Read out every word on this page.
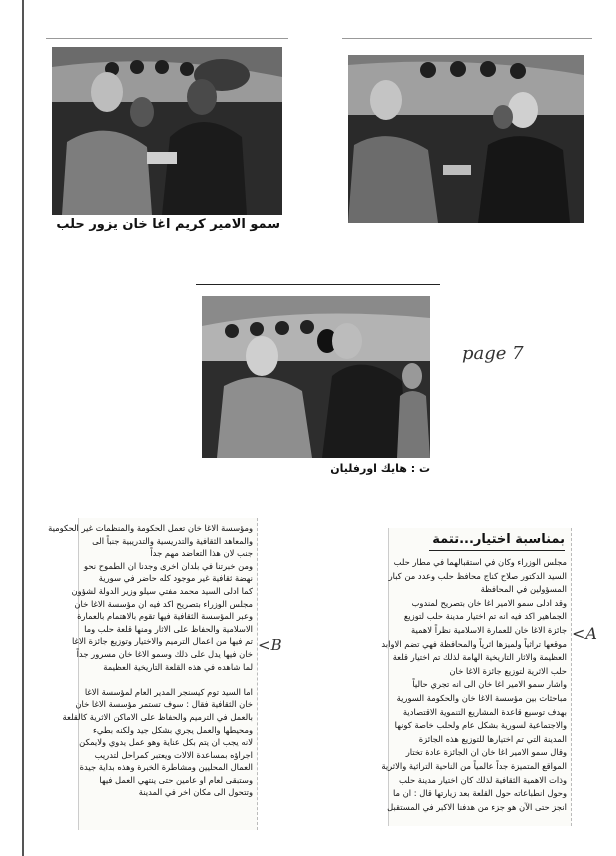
سمو الامير كريم اغا خان يزور حلب
ت : هايك اورفليان
page 7

ومؤسسة الاغا خان تعمل الحكومة والمنظمات غير الحكومية

والمعاهد الثقافية والتدريسية والتدريبية جنباً الى

جنب لان هذا التعاضد مهم جداً

ومن خبرتنا في بلدان اخرى وجدنا ان الطموح نحو

نهضة ثقافية غير موجود كله حاضر في سورية

كما ادلى السيد محمد مفتي سيلو وزير الدولة لشؤون

مجلس الوزراء بتصريح اكد فيه ان مؤسسة الاغا خان

وعبر المؤسسة الثقافية فيها تقوم بالاهتمام بالعمارة

الاسلامية والحفاظ على الاثار ومنها قلعة حلب وما

تم فيها من اعمال الترميم والاختيار وتوزيع جائزة الاغا

خان فيها يدل على ذلك وسمو الاغا خان مسرور جداً

لما شاهده في هذه القلعة التاريخية العظيمة

اما السيد توم كيسنجر المدير العام لمؤسسة الاغا

خان الثقافية فقال : سوف تستمر مؤسسة الاغا خان

بالعمل في الترميم والحفاظ على الاماكن الاثرية كالقلعة

ومحيطها والعمل يجري بشكل جيد ولكنه بطيء

لانه يجب ان يتم بكل عناية وهو عمل يدوي ولايمكن

اجراؤه بمساعدة الالات ويعتبر كمراحل لتدريب

العمال المحليين ومشاطرة الخبرة وهذه بداية جيدة

وستبقى لعام او عامين حتى ينتهي العمل فيها

وتتحول الى مكان اخر في المدينة

<B
بمناسبة اختيار...تتمة

مجلس الوزراء وكان في استقبالهما في مطار حلب

السيد الدكتور صلاح كناج محافظ حلب وعدد من كبار

المسؤولين في المحافظة

وقد ادلى سمو الامير اغا خان بتصريح لمندوب

الجماهير اكد فيه انه تم اختيار مدينة حلب لتوزيع

جائزة الاغا خان للعمارة الاسلامية نظراً لاهمية

موقعها تراثياً ولميزها اثرياً والمحافظة فهي تضم الاوابد

العظيمة والاثار التاريخية الهامة لذلك تم اختيار قلعة

حلب الاثرية لتوزيع جائزة الاغا خان

واشار سمو الامير اغا خان الى انه تجري حالياً

مباحثات بين مؤسسة الاغا خان والحكومة السورية

بهدف توسيع قاعدة المشاريع التنموية الاقتصادية

والاجتماعية لسورية بشكل عام ولحلب خاصة كونها

المدينة التي تم اختيارها للتوزيع هذه الجائزة

وقال سمو الامير اغا خان ان الجائزة عادة تختار

المواقع المتميزة جداً عالمياً من الناحية التراثية والاثرية

وذات الاهمية الثقافية لذلك كان اختيار مدينة حلب

وحول انطباعاته حول القلعة بعد زيارتها قال : ان ما

انجز حتى الآن هو جزء من هدفنا الاكبر في المستقبل

<A
